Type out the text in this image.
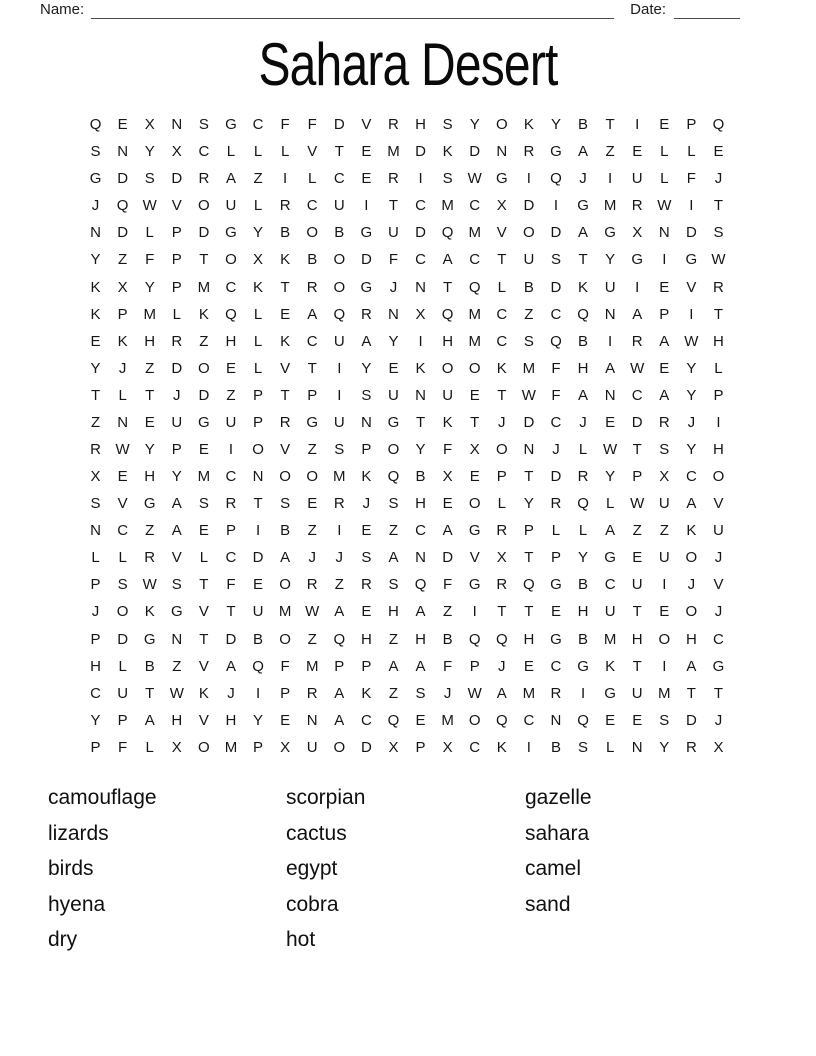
Name:	Date:
Sahara Desert
Q	E	X	N	S	G	C	F	F	D	V	R	H	S	Y	O	K	Y	B	T	I	E	P	Q
S	N	Y	X	C	L	L	L	V	T	E	M	D	K	D	N	R	G	A	Z	E	L	L	E
G	D	S	D	R	A	Z	I	L	C	E	R	I	S W G	I	Q	J	I	U	L	F	J
J	Q W	V	O	U	L	R	C	U	I	T	C	M	C	X	D	I	G M	R W	I	T
N	D	L	P	D	G	Y	B	O	B	G	U	D	Q	M	V	O	D	A	G	X	N	D	S
Y	Z	F	P	T	O	X	K	B	O	D	F	C	A	C	T	U	S	T	Y	G	I	G W
K	X	Y	P	M	C	K	T	R	O	G	J	N	T	Q	L	B	D	K	U	I	E	V	R
K	P	M	L	K	Q	L	E	A	Q	R	N	X	Q	M	C	Z	C	Q	N	A	P	I	T
E	K	H	R	Z	H	L	K	C	U	A	Y	I	H	M	C	S	Q	B	I	R	A W H
Y	J	Z	D	O	E	L	V	T	I	Y	E	K	O	O	K	M	F	H	A W	E	Y	L
T	L	T	J	D	Z	P	T	P	I	S	U	N	U	E	T	W	F	A	N	C	A	Y	P
Z	N	E	U	G	U	P	R	G	U	N	G	T	K	T	J	D	C	J	E	D	R	J	I
R W Y	P	E	I	O	V	Z	S	P	O	Y	F	X	O	N	J	L	W	T	S	Y	H
X	E	H	Y	M	C	N	O	O	M	K	Q	B	X	E	P	T	D	R	Y	P	X	C	O
S	V	G	A	S	R	T	S	E	R	J	S	H	E	O	L	Y	R	Q	L	W U	A	V
N	C	Z	A	E	P	I	B	Z	I	E	Z	C	A	G	R	P	L	L	A	Z	Z	K	U
L	L	R	V	L	C	D	A	J	J	S	A	N	D	V	X	T	P	Y	G	E	U	O	J
P	S W	S	T	F	E	O	R	Z	R	S	Q	F	G	R	Q	G	B	C	U	I	J	V
J	O	K	G	V	T	U	M W	A	E	H	A	Z	I	T	T	E	H	U	T	E	O	J
P	D	G	N	T	D	B	O	Z	Q	H	Z	H	B	Q	Q	H	G	B	M	H	O	H	C
H	L	B	Z	V	A	Q	F	M	P	P	A	A	F	P	J	E	C	G	K	T	I	A	G
C	U	T	W K	J	I	P	R	A	K	Z	S	J	W	A	M	R	I	G	U	M	T	T
Y	P	A	H	V	H	Y	E	N	A	C	Q	E	M	O	Q	C	N	Q	E	E	S	D	J
P	F	L	X	O	M	P	X	U	O	D	X	P	X	C	K	I	B	S	L	N	Y	R	X
camouflage
lizards
birds
hyena
dry
scorpian
cactus
egypt
cobra
hot
gazelle
sahara
camel
sand
